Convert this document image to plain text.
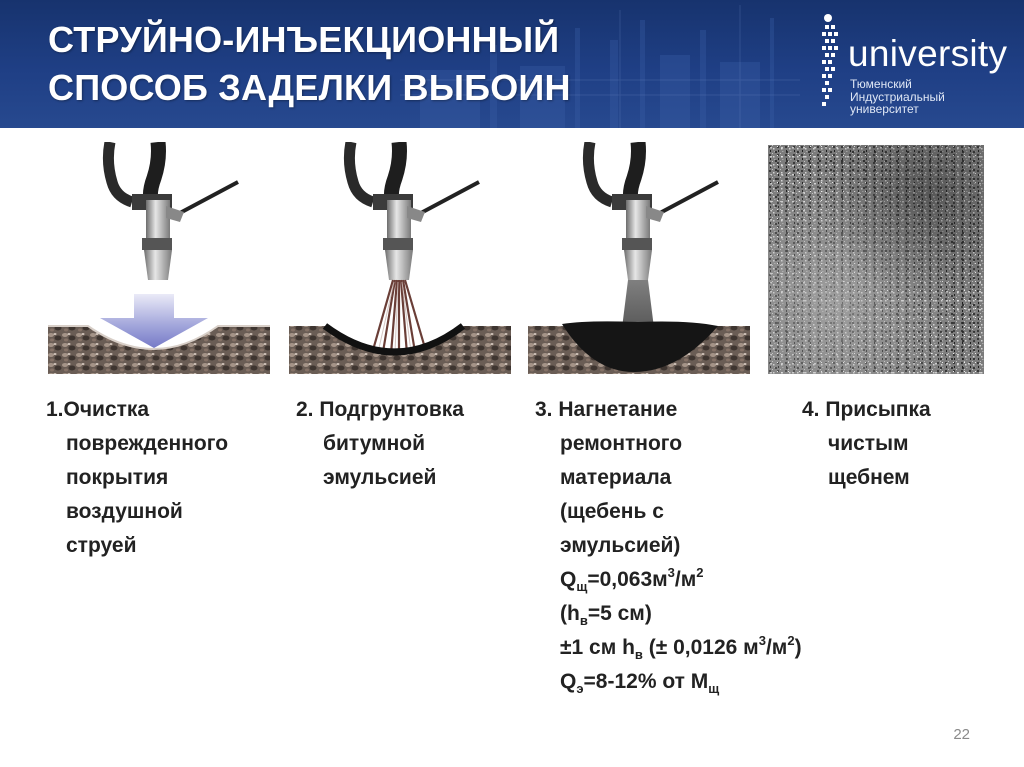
СТРУЙНО-ИНЪЕКЦИОННЫЙ
СПОСОБ ЗАДЕЛКИ ВЫБОИН
university
Тюменский
Индустриальный
университет
1.Очистка
поврежденного
покрытия
воздушной
струей
2. Подгрунтовка
битумной
эмульсией
3. Нагнетание
ремонтного
материала
(щебень с
эмульсией)
$Q_щ=0,063м^3/м^2$
($h_в=5$ см)
±1 см $h_в$ (± 0,0126 $м^3/м^2$)
$Q_э=8-12\%$ от $М_щ$
4. Присыпка
чистым
щебнем
22
